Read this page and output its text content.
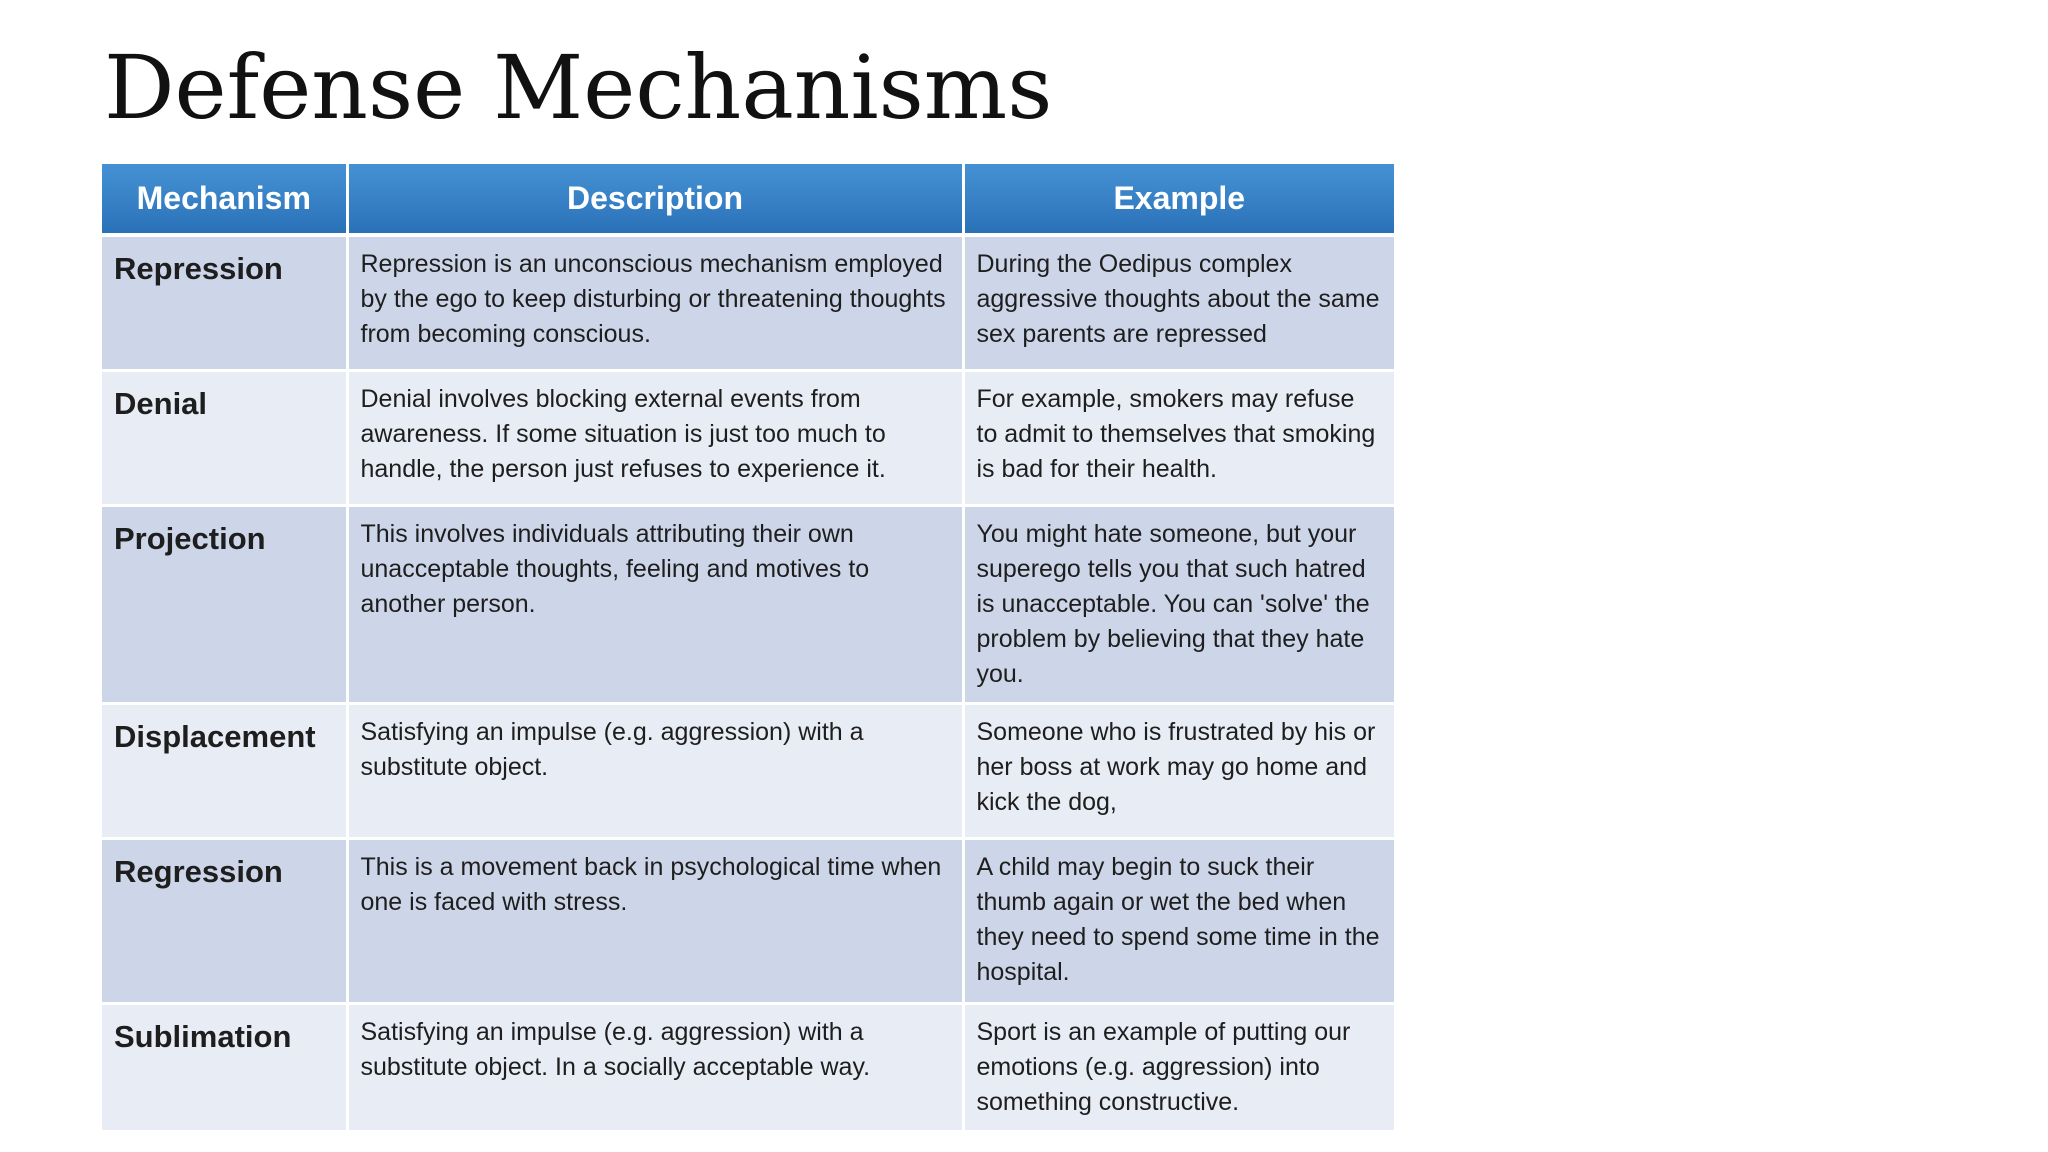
Defense Mechanisms
Mechanism	Description	Example
Repression	Repression is an unconscious mechanism employed by the ego to keep disturbing or threatening thoughts from becoming conscious.	During the Oedipus complex aggressive thoughts about the same sex parents are repressed
Denial	Denial involves blocking external events from awareness. If some situation is just too much to handle, the person just refuses to experience it.	For example, smokers may refuse to admit to themselves that smoking is bad for their health.
Projection	This involves individuals attributing their own unacceptable thoughts, feeling and motives to another person.	You might hate someone, but your superego tells you that such hatred is unacceptable. You can 'solve' the problem by believing that they hate you.
Displacement	Satisfying an impulse (e.g. aggression) with a substitute object.	Someone who is frustrated by his or her boss at work may go home and kick the dog,
Regression	This is a movement back in psychological time when one is faced with stress.	A child may begin to suck their thumb again or wet the bed when they need to spend some time in the hospital.
Sublimation	Satisfying an impulse (e.g. aggression) with a substitute object. In a socially acceptable way.	Sport is an example of putting our emotions (e.g. aggression) into something constructive.
